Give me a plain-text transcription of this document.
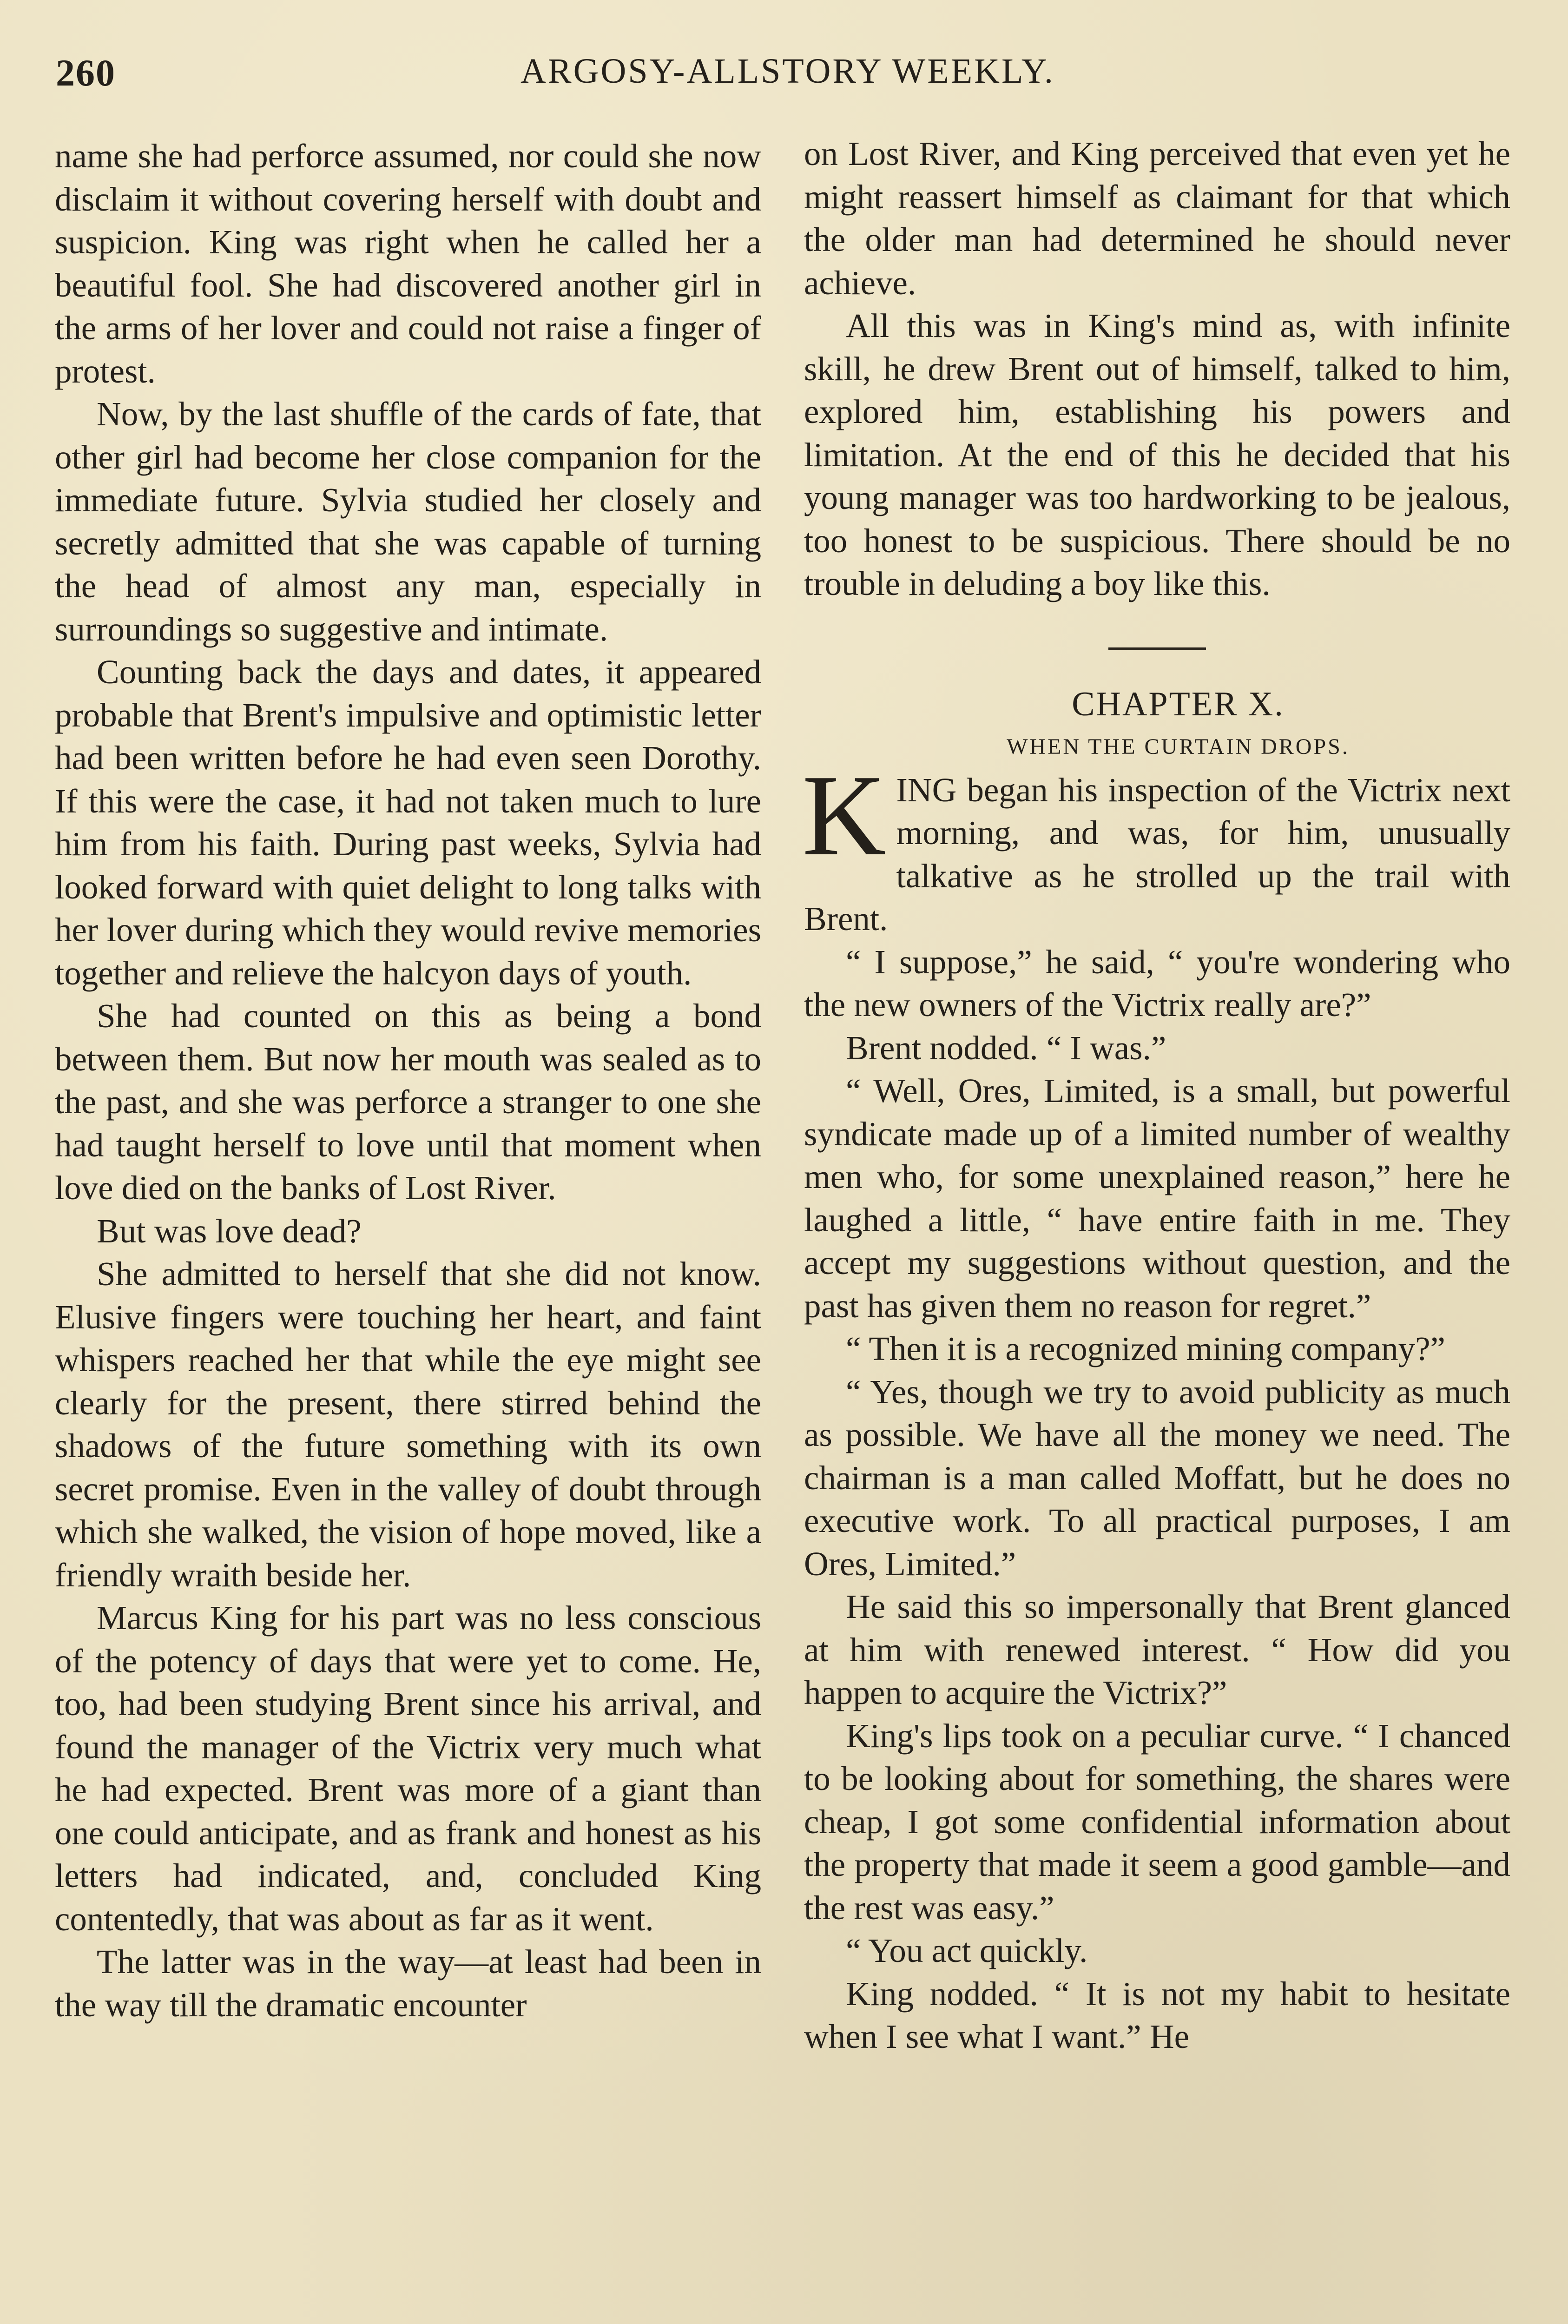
260	ARGOSY-ALLSTORY WEEKLY.

name she had perforce assumed, nor could she now disclaim it without covering herself with doubt and suspicion. King was right when he called her a beautiful fool. She had discovered another girl in the arms of her lover and could not raise a finger of protest.

Now, by the last shuffle of the cards of fate, that other girl had become her close companion for the immediate future. Sylvia studied her closely and secretly admitted that she was capable of turning the head of almost any man, especially in surroundings so suggestive and intimate.

Counting back the days and dates, it appeared probable that Brent's impulsive and optimistic letter had been written before he had even seen Dorothy. If this were the case, it had not taken much to lure him from his faith. During past weeks, Sylvia had looked forward with quiet delight to long talks with her lover during which they would revive memories together and relieve the halcyon days of youth.

She had counted on this as being a bond between them. But now her mouth was sealed as to the past, and she was perforce a stranger to one she had taught herself to love until that moment when love died on the banks of Lost River.

But was love dead?

She admitted to herself that she did not know. Elusive fingers were touching her heart, and faint whispers reached her that while the eye might see clearly for the present, there stirred behind the shadows of the future something with its own secret promise. Even in the valley of doubt through which she walked, the vision of hope moved, like a friendly wraith beside her.

Marcus King for his part was no less conscious of the potency of days that were yet to come. He, too, had been studying Brent since his arrival, and found the manager of the Victrix very much what he had expected. Brent was more of a giant than one could anticipate, and as frank and honest as his letters had indicated, and, concluded King contentedly, that was about as far as it went.

The latter was in the way—at least had been in the way till the dramatic encounter

on Lost River, and King perceived that even yet he might reassert himself as claimant for that which the older man had determined he should never achieve.

All this was in King's mind as, with infinite skill, he drew Brent out of himself, talked to him, explored him, establishing his powers and limitation. At the end of this he decided that his young manager was too hardworking to be jealous, too honest to be suspicious. There should be no trouble in deluding a boy like this.

CHAPTER X.

WHEN THE CURTAIN DROPS.

KING began his inspection of the Victrix next morning, and was, for him, unusually talkative as he strolled up the trail with Brent.

“ I suppose,” he said, “ you're wondering who the new owners of the Victrix really are?”

Brent nodded. “ I was.”

“ Well, Ores, Limited, is a small, but powerful syndicate made up of a limited number of wealthy men who, for some unexplained reason,” here he laughed a little, “ have entire faith in me. They accept my suggestions without question, and the past has given them no reason for regret.”

“ Then it is a recognized mining company?”

“ Yes, though we try to avoid publicity as much as possible. We have all the money we need. The chairman is a man called Moffatt, but he does no executive work. To all practical purposes, I am Ores, Limited.”

He said this so impersonally that Brent glanced at him with renewed interest. “ How did you happen to acquire the Victrix?”

King's lips took on a peculiar curve. “ I chanced to be looking about for something, the shares were cheap, I got some confidential information about the property that made it seem a good gamble—and the rest was easy.”

“ You act quickly.

King nodded. “ It is not my habit to hesitate when I see what I want.” He
